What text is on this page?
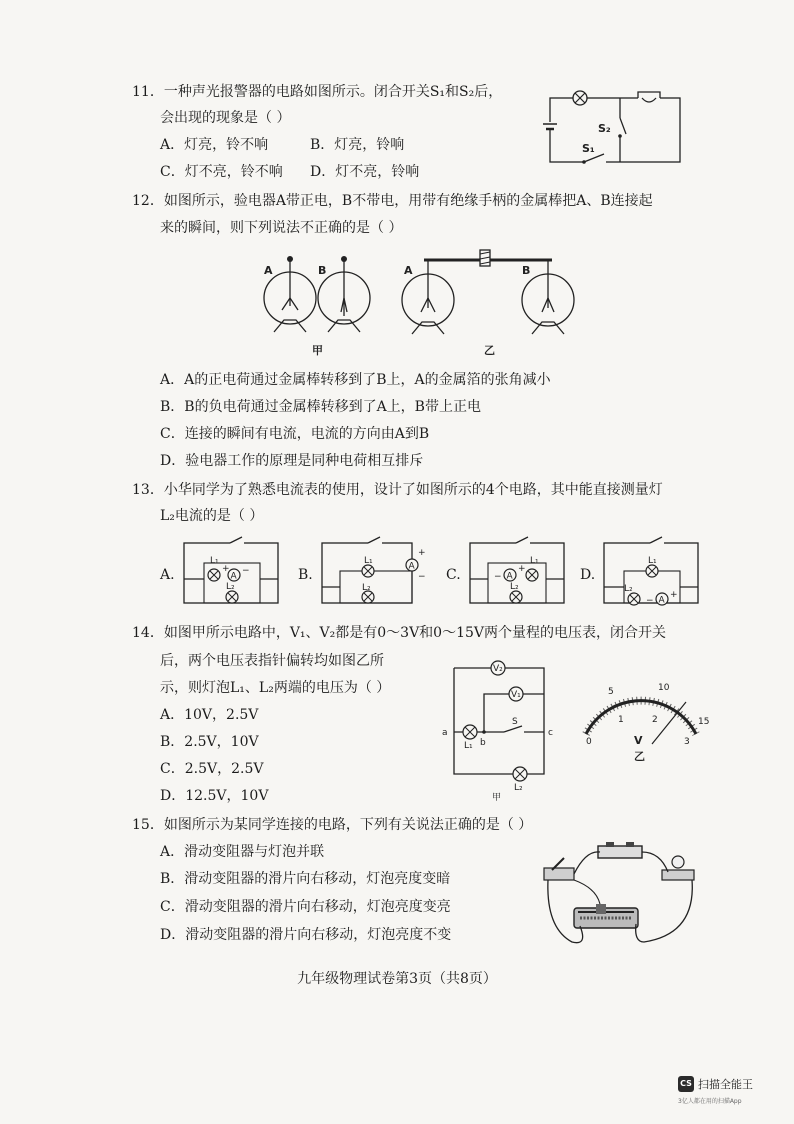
11．一种声光报警器的电路如图所示。闭合开关S₁和S₂后，
会出现的现象是（ ）
A．灯亮，铃不响	B．灯亮，铃响
C．灯不亮，铃不响 D．灯不亮，铃响
S₂
S₁
12．如图所示，验电器A带正电，B不带电，用带有绝缘手柄的金属棒把A、B连接起
来的瞬间，则下列说法不正确的是（ ）
A	B
甲
A	B
乙
A．A的正电荷通过金属棒转移到了B上，A的金属箔的张角减小
B．B的负电荷通过金属棒转移到了A上，B带上正电
C．连接的瞬间有电流，电流的方向由A到B
D．验电器工作的原理是同种电荷相互排斥
13．小华同学为了熟悉电流表的使用，设计了如图所示的4个电路，其中能直接测量灯
L₂电流的是（ ）
A.	A
L₁
L₂
+ −	B.
L₁
L₂
A
+
− C.	A
L₁
L₂
−
+	D.
L₁
L₂
A
−
+
14．如图甲所示电路中，V₁、V₂都是有0～3V和0～15V两个量程的电压表，闭合开关
后，两个电压表指针偏转均如图乙所
示，则灯泡L₁、L₂两端的电压为（ ）
A．10V，2.5V
B．2.5V，10V
C．2.5V，2.5V
D．12.5V，10V
V₂
V₁
L₁
S
a
b
c
L₂
甲
0
1	2
3
5	10
15
V
乙
15．如图所示为某同学连接的电路，下列有关说法正确的是（ ）
A．滑动变阻器与灯泡并联
B．滑动变阻器的滑片向右移动，灯泡亮度变暗
C．滑动变阻器的滑片向右移动，灯泡亮度变亮
D．滑动变阻器的滑片向右移动，灯泡亮度不变
九年级物理试卷第3页（共8页）
CS 扫描全能王
3亿人都在用的扫描App
